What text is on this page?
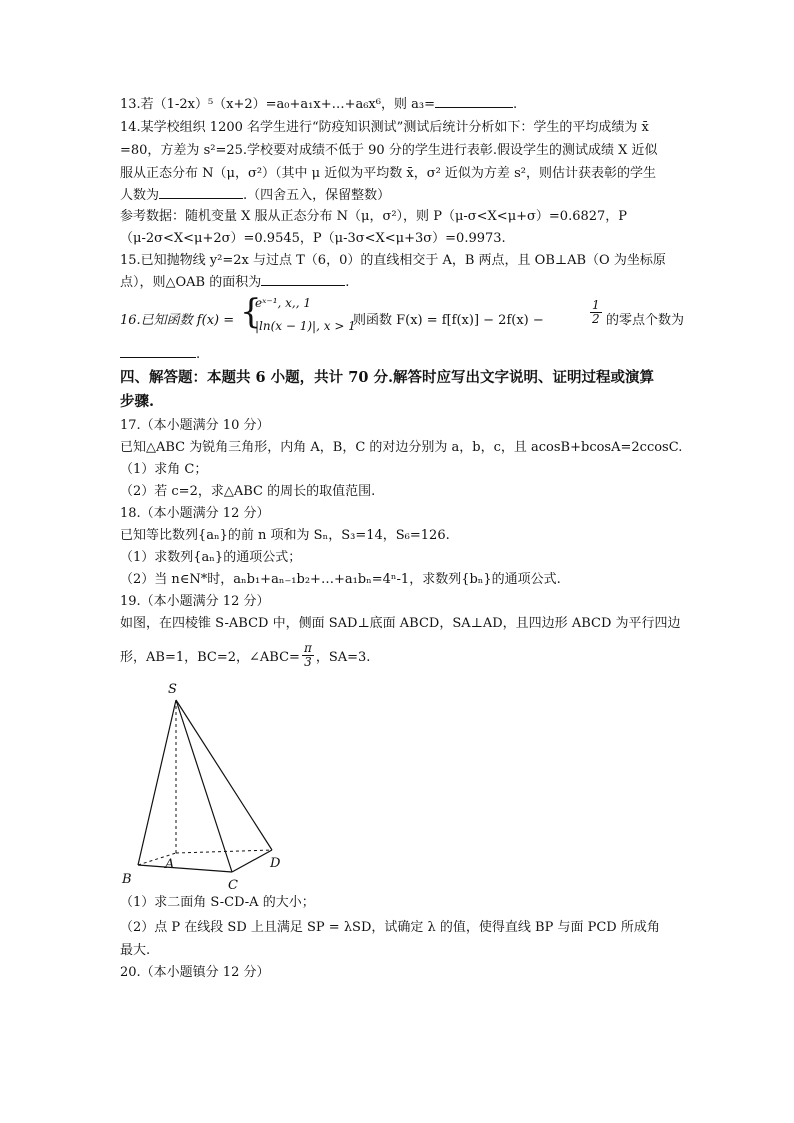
13.若（1-2x）⁵（x+2）=a₀+a₁x+…+a₆x⁶，则 a₃=	.
14.某学校组织 1200 名学生进行“防疫知识测试”测试后统计分析如下：学生的平均成绩为 x̄
=80，方差为 s²=25.学校要对成绩不低于 90 分的学生进行表彰.假设学生的测试成绩 X 近似
服从正态分布 N（μ，σ²）（其中 μ 近似为平均数 x̄，σ² 近似为方差 s²，则估计获表彰的学生
人数为	.（四舍五入，保留整数）
参考数据：随机变量 X 服从正态分布 N（μ，σ²），则 P（μ-σ<X<μ+σ）=0.6827，P
（μ-2σ<X<μ+2σ）=0.9545，P（μ-3σ<X<μ+3σ）=0.9973.
15.已知抛物线 y²=2x 与过点 T（6，0）的直线相交于 A，B 两点，且 OB⊥AB（O 为坐标原
点），则△OAB 的面积为	.
16.已知函数 f(x) = {
eˣ⁻¹, x,, 1
|ln(x − 1)|, x > 1
则函数 F(x) = f[f(x)] − 2f(x) −	$\frac{1}{2}$ 的零点个数为
.
四、解答题：本题共 6 小题，共计 70 分.解答时应写出文字说明、证明过程或演算
步骤.
17.（本小题满分 10 分）
已知△ABC 为锐角三角形，内角 A，B，C 的对边分别为 a，b，c，且 acosB+bcosA=2ccosC.
（1）求角 C；
（2）若 c=2，求△ABC 的周长的取值范围.
18.（本小题满分 12 分）
已知等比数列{aₙ}的前 n 项和为 Sₙ，S₃=14，S₆=126.
（1）求数列{aₙ}的通项公式；
（2）当 n∈N*时，aₙb₁+aₙ₋₁b₂+…+a₁bₙ=4ⁿ-1，求数列{bₙ}的通项公式.
19.（本小题满分 12 分）
如图，在四棱锥 S-ABCD 中，侧面 SAD⊥底面 ABCD，SA⊥AD，且四边形 ABCD 为平行四边
形，AB=1，BC=2，∠ABC= $\frac{\pi}{3}$ ，SA=3.
S
A
B	C
D
（1）求二面角 S-CD-A 的大小；
（2）点 P 在线段 SD 上且满足 SP = λSD，试确定 λ 的值，使得直线 BP 与面 PCD 所成角
最大.
20.（本小题镇分 12 分）
